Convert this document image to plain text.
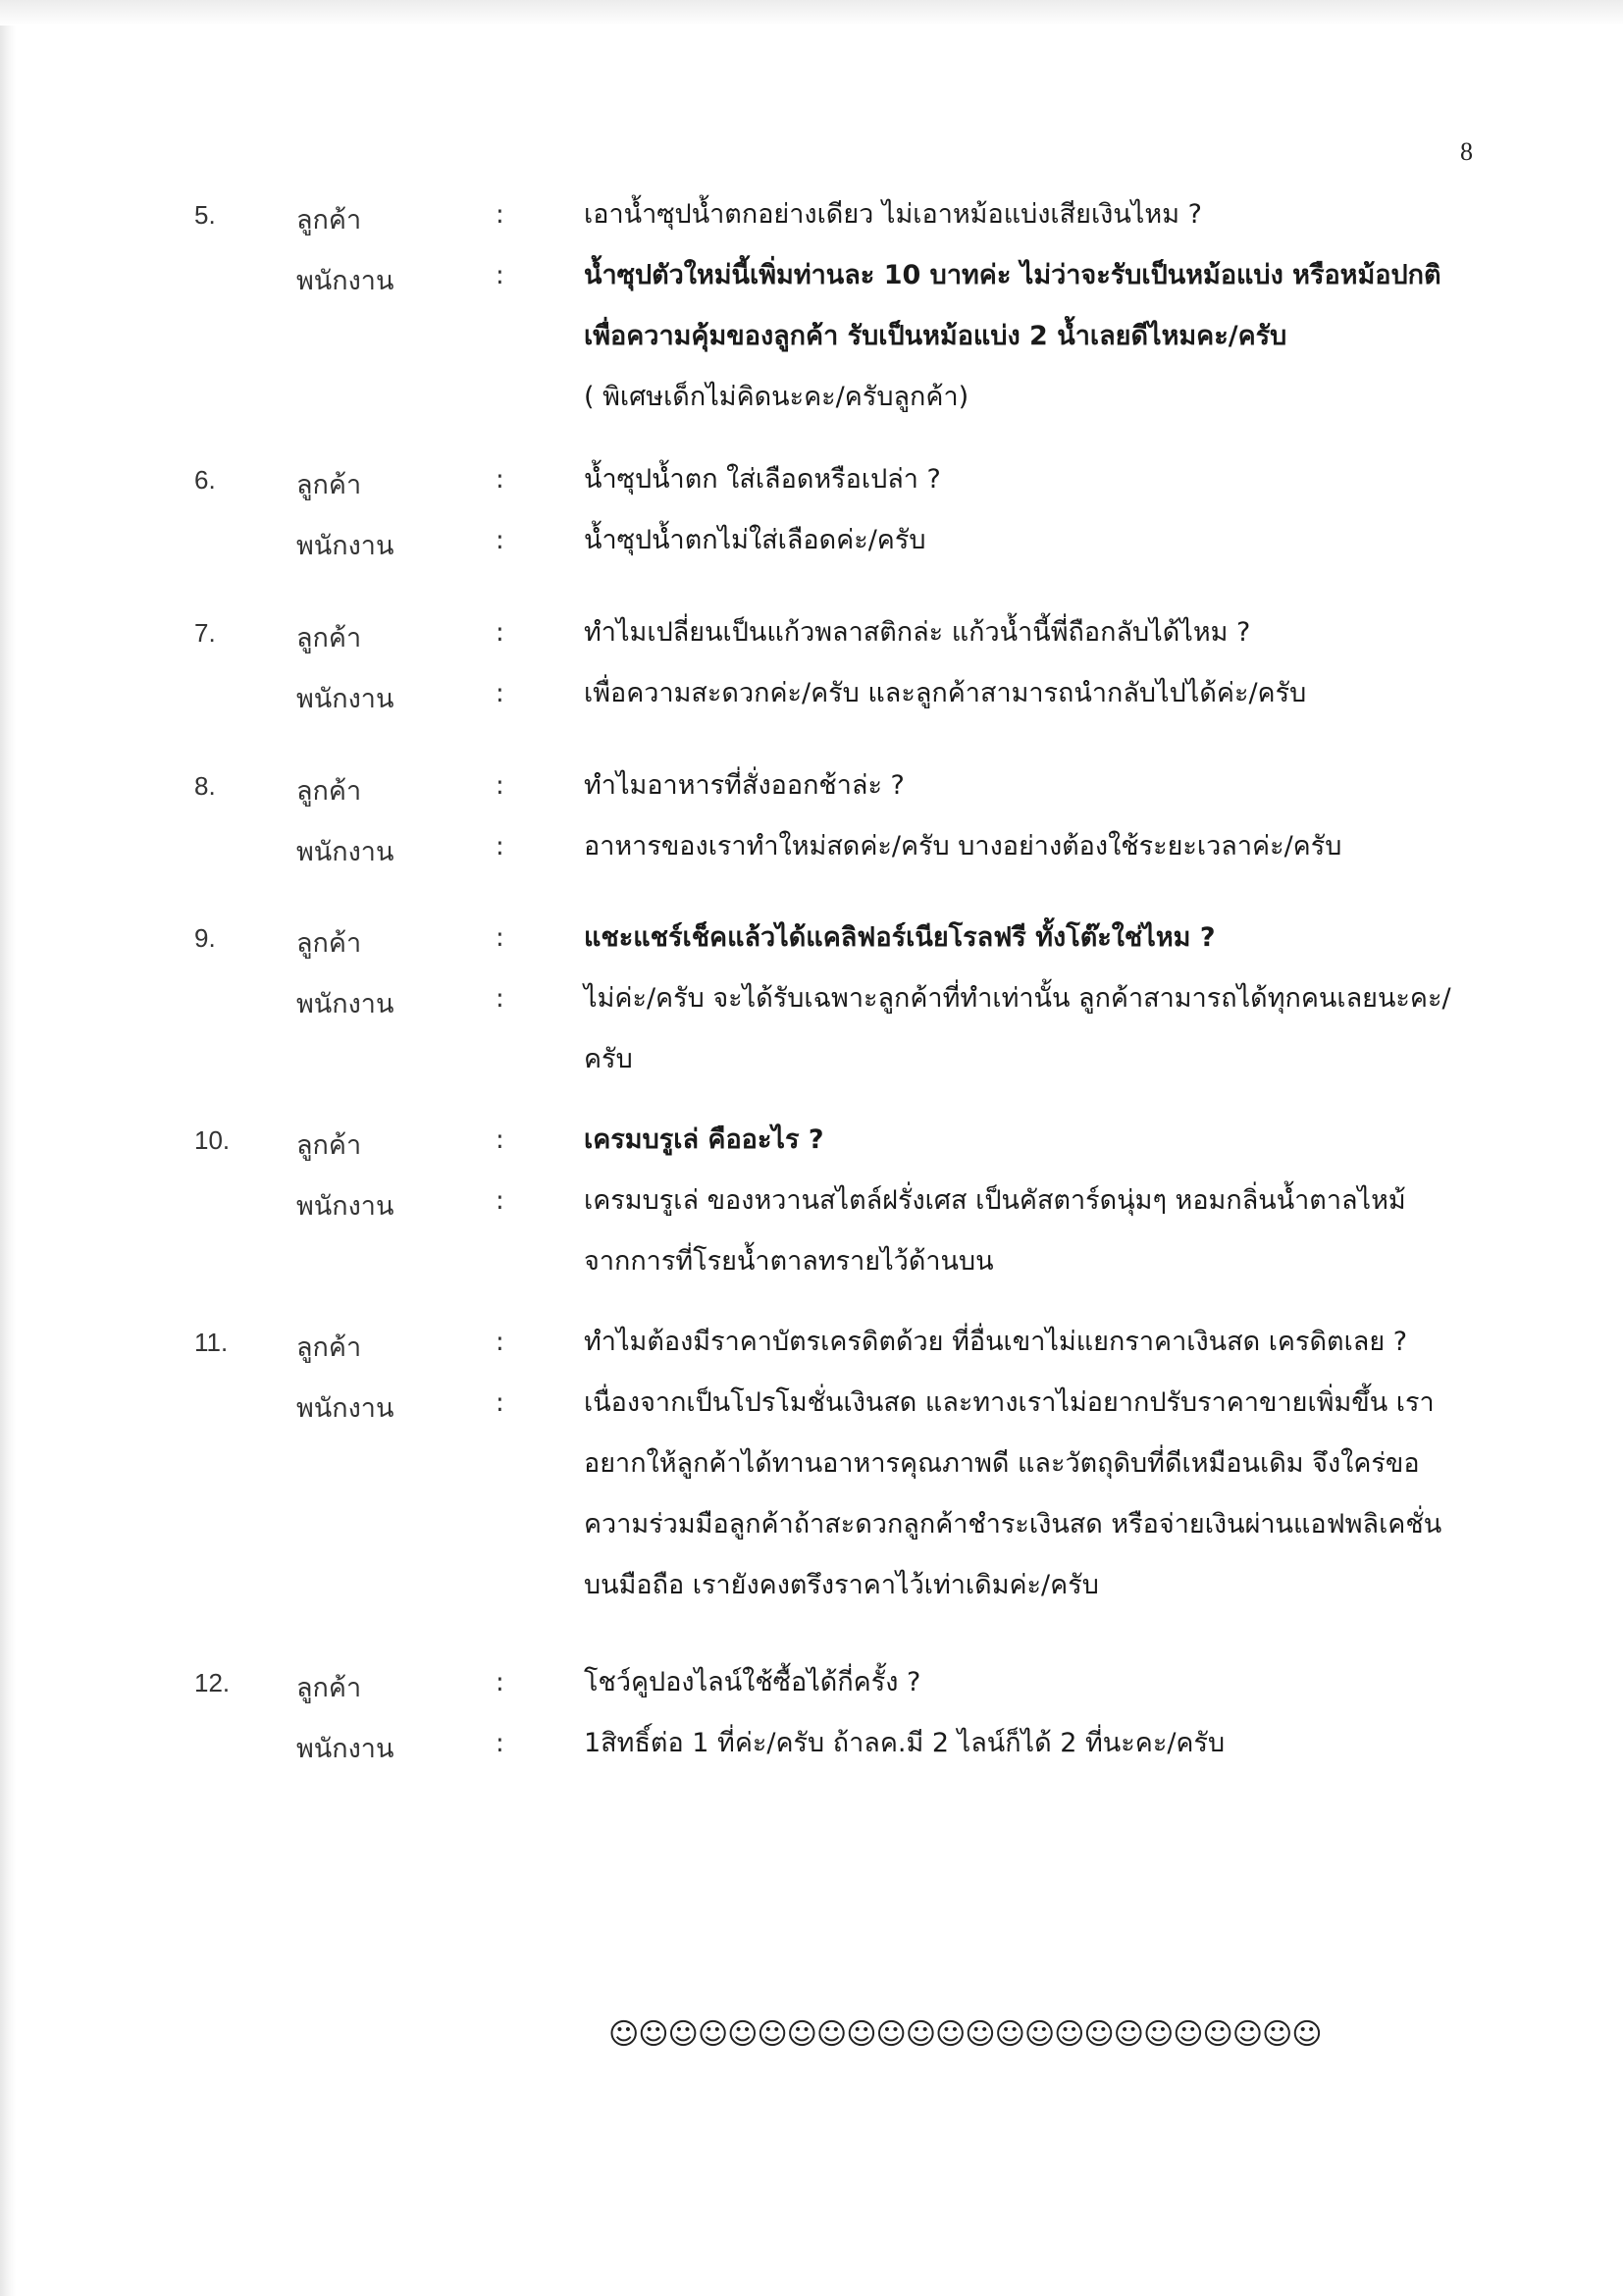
8
5.	ลูกค้า	:	เอาน้ำซุปน้ำตกอย่างเดียว ไม่เอาหม้อแบ่งเสียเงินไหม ?
พนักงาน	:	น้ำซุปตัวใหม่นี้เพิ่มท่านละ 10 บาทค่ะ ไม่ว่าจะรับเป็นหม้อแบ่ง หรือหม้อปกติ
เพื่อความคุ้มของลูกค้า รับเป็นหม้อแบ่ง 2 น้ำเลยดีไหมคะ/ครับ
( พิเศษเด็กไม่คิดนะคะ/ครับลูกค้า)
6.	ลูกค้า	:	น้ำซุปน้ำตก ใส่เลือดหรือเปล่า ?
พนักงาน	:	น้ำซุปน้ำตกไม่ใส่เลือดค่ะ/ครับ
7.	ลูกค้า	:	ทำไมเปลี่ยนเป็นแก้วพลาสติกล่ะ แก้วน้ำนี้พี่ถือกลับได้ไหม ?
พนักงาน	:	เพื่อความสะดวกค่ะ/ครับ และลูกค้าสามารถนำกลับไปได้ค่ะ/ครับ
8.	ลูกค้า	:	ทำไมอาหารที่สั่งออกช้าล่ะ ?
พนักงาน	:	อาหารของเราทำใหม่สดค่ะ/ครับ บางอย่างต้องใช้ระยะเวลาค่ะ/ครับ
9.	ลูกค้า	:	แชะแชร์เช็คแล้วได้แคลิฟอร์เนียโรลฟรี ทั้งโต๊ะใช่ไหม ?
พนักงาน	:	ไม่ค่ะ/ครับ จะได้รับเฉพาะลูกค้าที่ทำเท่านั้น ลูกค้าสามารถได้ทุกคนเลยนะคะ/
ครับ
10.	ลูกค้า	:	เครมบรูเล่ คืออะไร ?
พนักงาน	:	เครมบรูเล่ ของหวานสไตล์ฝรั่งเศส เป็นคัสตาร์ดนุ่มๆ หอมกลิ่นน้ำตาลไหม้
จากการที่โรยน้ำตาลทรายไว้ด้านบน
11.	ลูกค้า	:	ทำไมต้องมีราคาบัตรเครดิตด้วย ที่อื่นเขาไม่แยกราคาเงินสด เครดิตเลย ?
พนักงาน	:	เนื่องจากเป็นโปรโมชั่นเงินสด และทางเราไม่อยากปรับราคาขายเพิ่มขึ้น เรา
อยากให้ลูกค้าได้ทานอาหารคุณภาพดี และวัตถุดิบที่ดีเหมือนเดิม จึงใคร่ขอ
ความร่วมมือลูกค้าถ้าสะดวกลูกค้าชำระเงินสด หรือจ่ายเงินผ่านแอฟพลิเคชั่น
บนมือถือ เรายังคงตรึงราคาไว้เท่าเดิมค่ะ/ครับ
12.	ลูกค้า	:	โชว์คูปองไลน์ใช้ซื้อได้กี่ครั้ง ?
พนักงาน	:	1สิทธิ์ต่อ 1 ที่ค่ะ/ครับ ถ้าลค.มี 2 ไลน์ก็ได้ 2 ที่นะคะ/ครับ
☺☺☺☺☺☺☺☺☺☺☺☺☺☺☺☺☺☺☺☺☺☺☺☺
